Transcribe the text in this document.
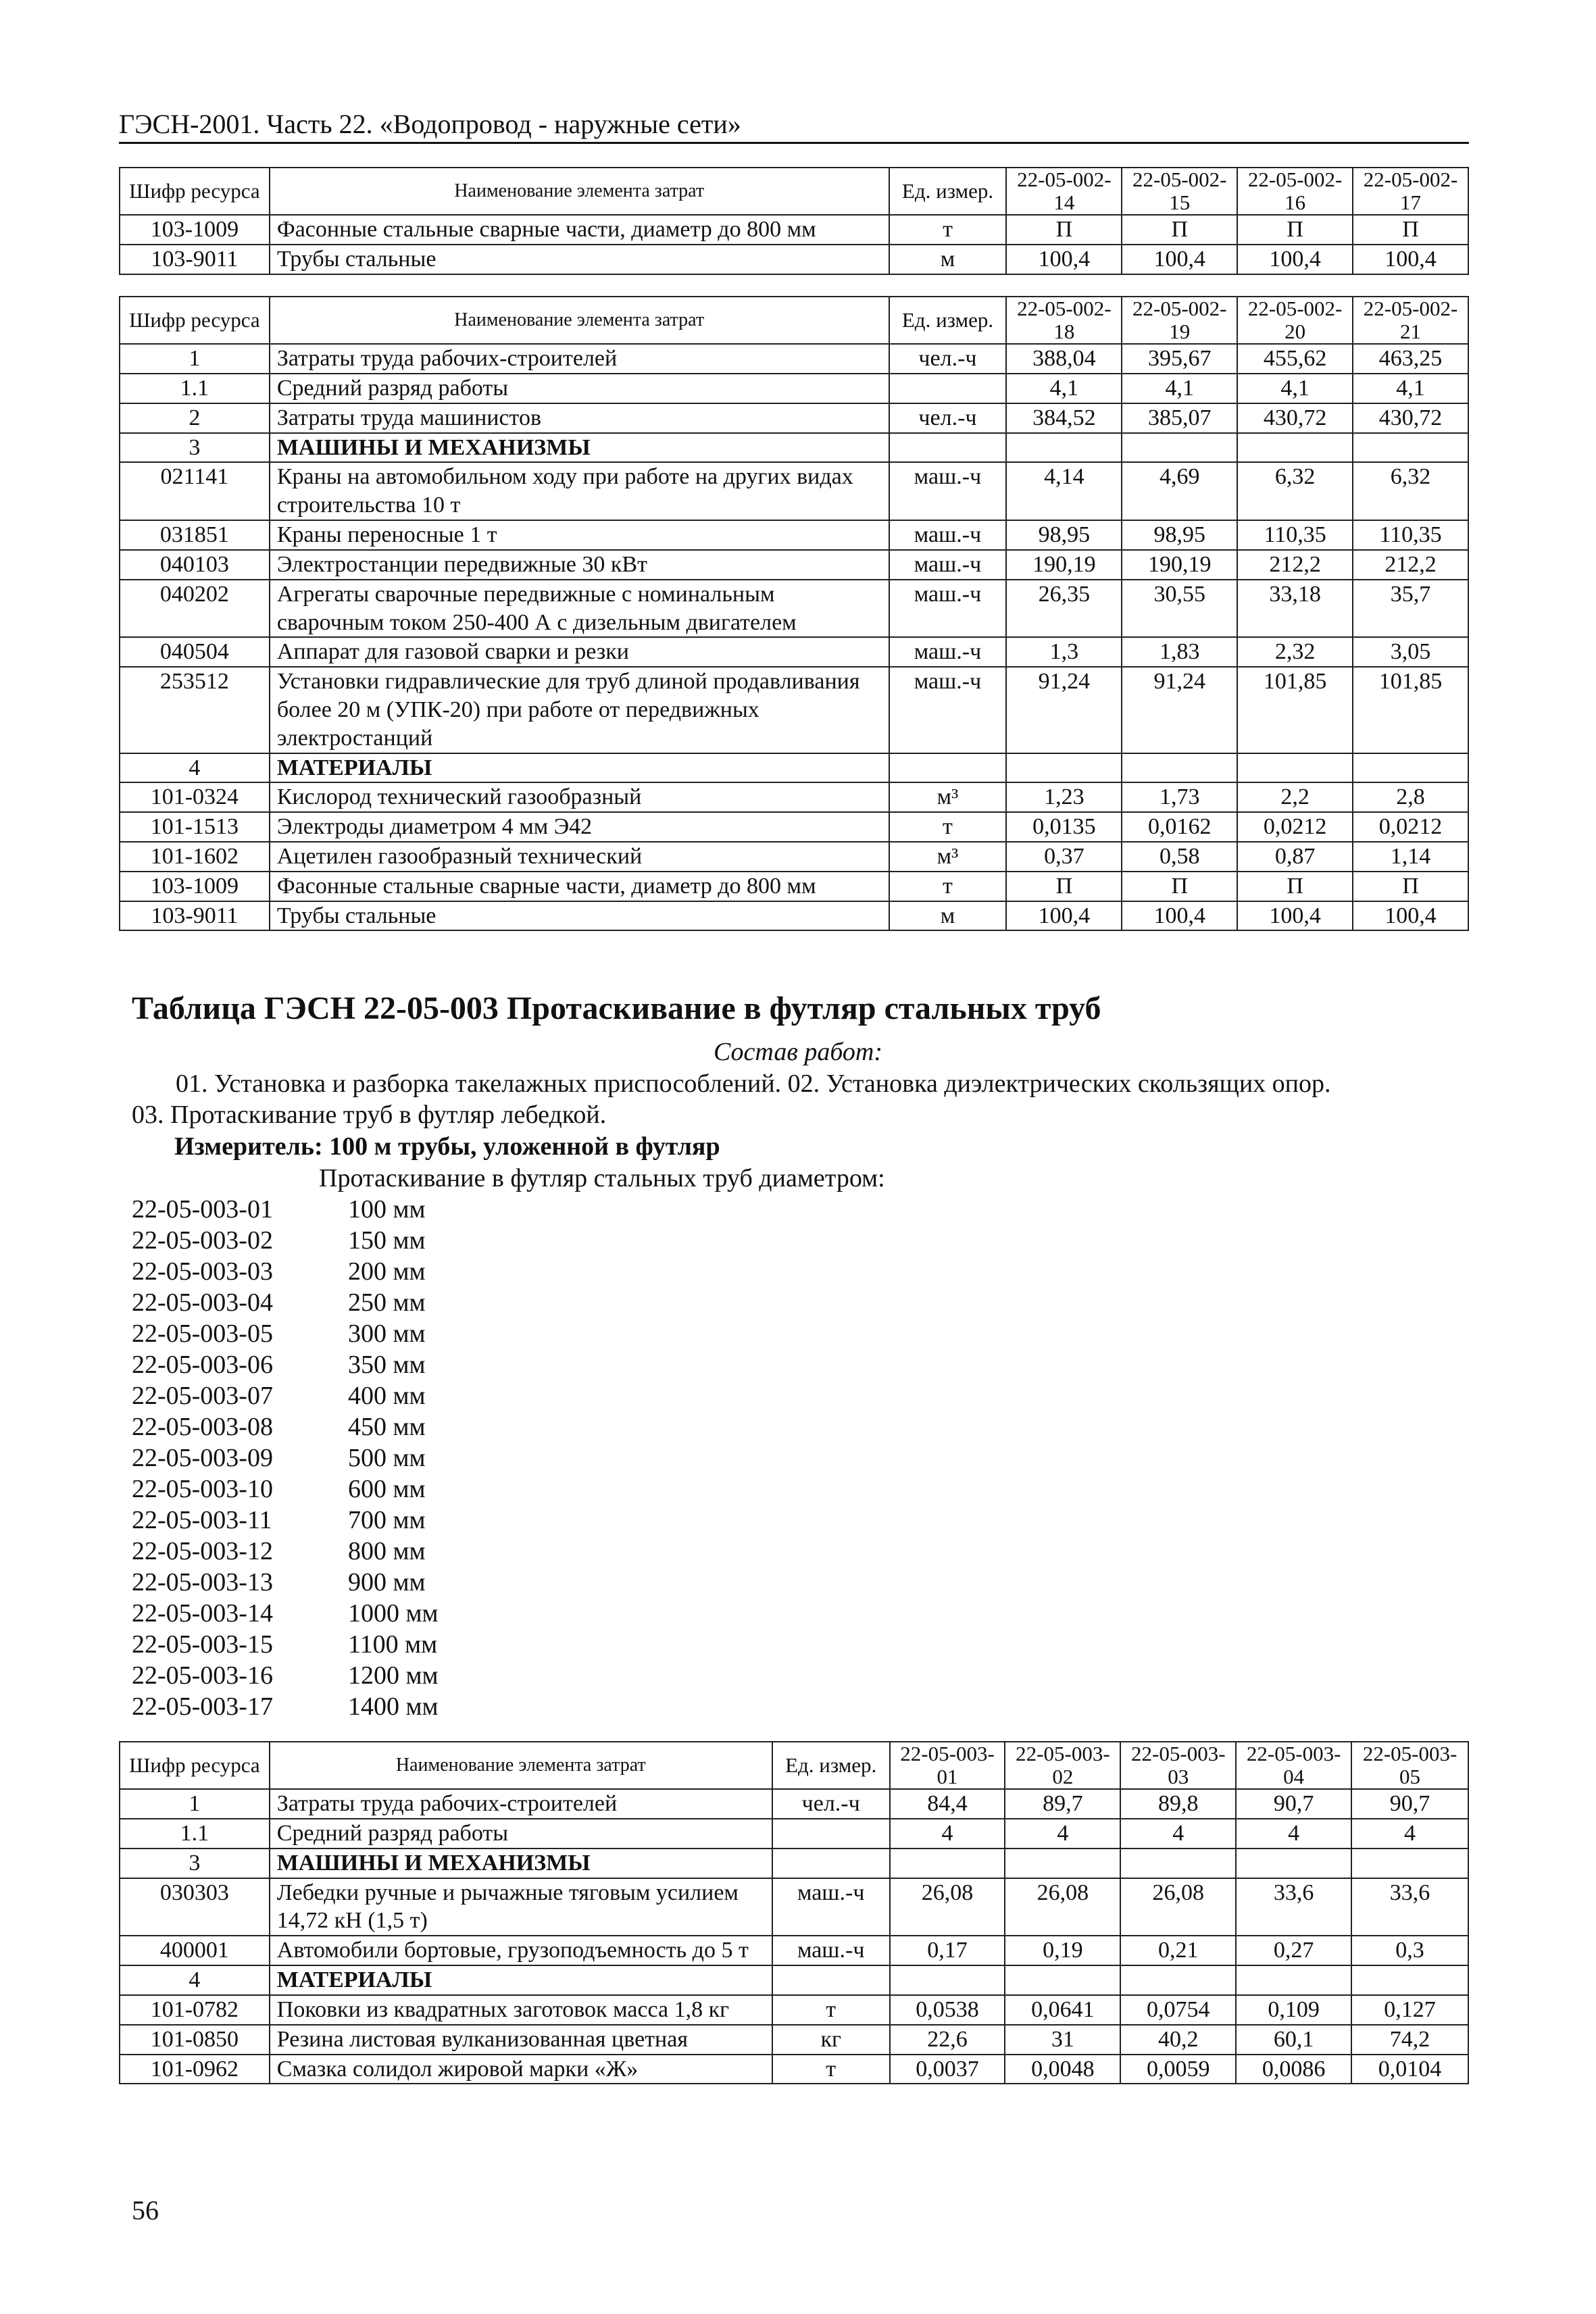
ГЭСН-2001. Часть 22. «Водопровод - наружные сети»
Шифр ресурса	Наименование элемента затрат	Ед. измер.	22-05-002-14	22-05-002-15	22-05-002-16	22-05-002-17
103-1009	Фасонные стальные сварные части, диаметр до 800 мм	т	П	П	П	П
103-9011	Трубы стальные	м	100,4	100,4	100,4	100,4
Шифр ресурса	Наименование элемента затрат	Ед. измер.	22-05-002-18	22-05-002-19	22-05-002-20	22-05-002-21
1	Затраты труда рабочих-строителей	чел.-ч	388,04	395,67	455,62	463,25
1.1	Средний разряд работы		4,1	4,1	4,1	4,1
2	Затраты труда машинистов	чел.-ч	384,52	385,07	430,72	430,72
3	МАШИНЫ И МЕХАНИЗМЫ					
021141	Краны на автомобильном ходу при работе на других видах строительства 10 т	маш.-ч	4,14	4,69	6,32	6,32
031851	Краны переносные 1 т	маш.-ч	98,95	98,95	110,35	110,35
040103	Электростанции передвижные 30 кВт	маш.-ч	190,19	190,19	212,2	212,2
040202	Агрегаты сварочные передвижные с номинальным сварочным током 250-400 А с дизельным двигателем	маш.-ч	26,35	30,55	33,18	35,7
040504	Аппарат для газовой сварки и резки	маш.-ч	1,3	1,83	2,32	3,05
253512	Установки гидравлические для труб длиной продавливания более 20 м (УПК-20) при работе от передвижных электростанций	маш.-ч	91,24	91,24	101,85	101,85
4	МАТЕРИАЛЫ					
101-0324	Кислород технический газообразный	м³	1,23	1,73	2,2	2,8
101-1513	Электроды диаметром 4 мм Э42	т	0,0135	0,0162	0,0212	0,0212
101-1602	Ацетилен газообразный технический	м³	0,37	0,58	0,87	1,14
103-1009	Фасонные стальные сварные части, диаметр до 800 мм	т	П	П	П	П
103-9011	Трубы стальные	м	100,4	100,4	100,4	100,4
Таблица ГЭСН 22-05-003 Протаскивание в футляр стальных труб
Состав работ:
01. Установка и разборка такелажных приспособлений. 02. Установка диэлектрических скользящих опор.
03. Протаскивание труб в футляр лебедкой.
Измеритель: 100 м трубы, уложенной в футляр
Протаскивание в футляр стальных труб диаметром:
22-05-003-01	100 мм
22-05-003-02	150 мм
22-05-003-03	200 мм
22-05-003-04	250 мм
22-05-003-05	300 мм
22-05-003-06	350 мм
22-05-003-07	400 мм
22-05-003-08	450 мм
22-05-003-09	500 мм
22-05-003-10	600 мм
22-05-003-11	700 мм
22-05-003-12	800 мм
22-05-003-13	900 мм
22-05-003-14	1000 мм
22-05-003-15	1100 мм
22-05-003-16	1200 мм
22-05-003-17	1400 мм
Шифр ресурса	Наименование элемента затрат	Ед. измер.	22-05-003-01	22-05-003-02	22-05-003-03	22-05-003-04	22-05-003-05
1	Затраты труда рабочих-строителей	чел.-ч	84,4	89,7	89,8	90,7	90,7
1.1	Средний разряд работы		4	4	4	4	4
3	МАШИНЫ И МЕХАНИЗМЫ						
030303	Лебедки ручные и рычажные тяговым усилием 14,72 кН (1,5 т)	маш.-ч	26,08	26,08	26,08	33,6	33,6
400001	Автомобили бортовые, грузоподъемность до 5 т	маш.-ч	0,17	0,19	0,21	0,27	0,3
4	МАТЕРИАЛЫ						
101-0782	Поковки из квадратных заготовок масса 1,8 кг	т	0,0538	0,0641	0,0754	0,109	0,127
101-0850	Резина листовая вулканизованная цветная	кг	22,6	31	40,2	60,1	74,2
101-0962	Смазка солидол жировой марки «Ж»	т	0,0037	0,0048	0,0059	0,0086	0,0104
56
